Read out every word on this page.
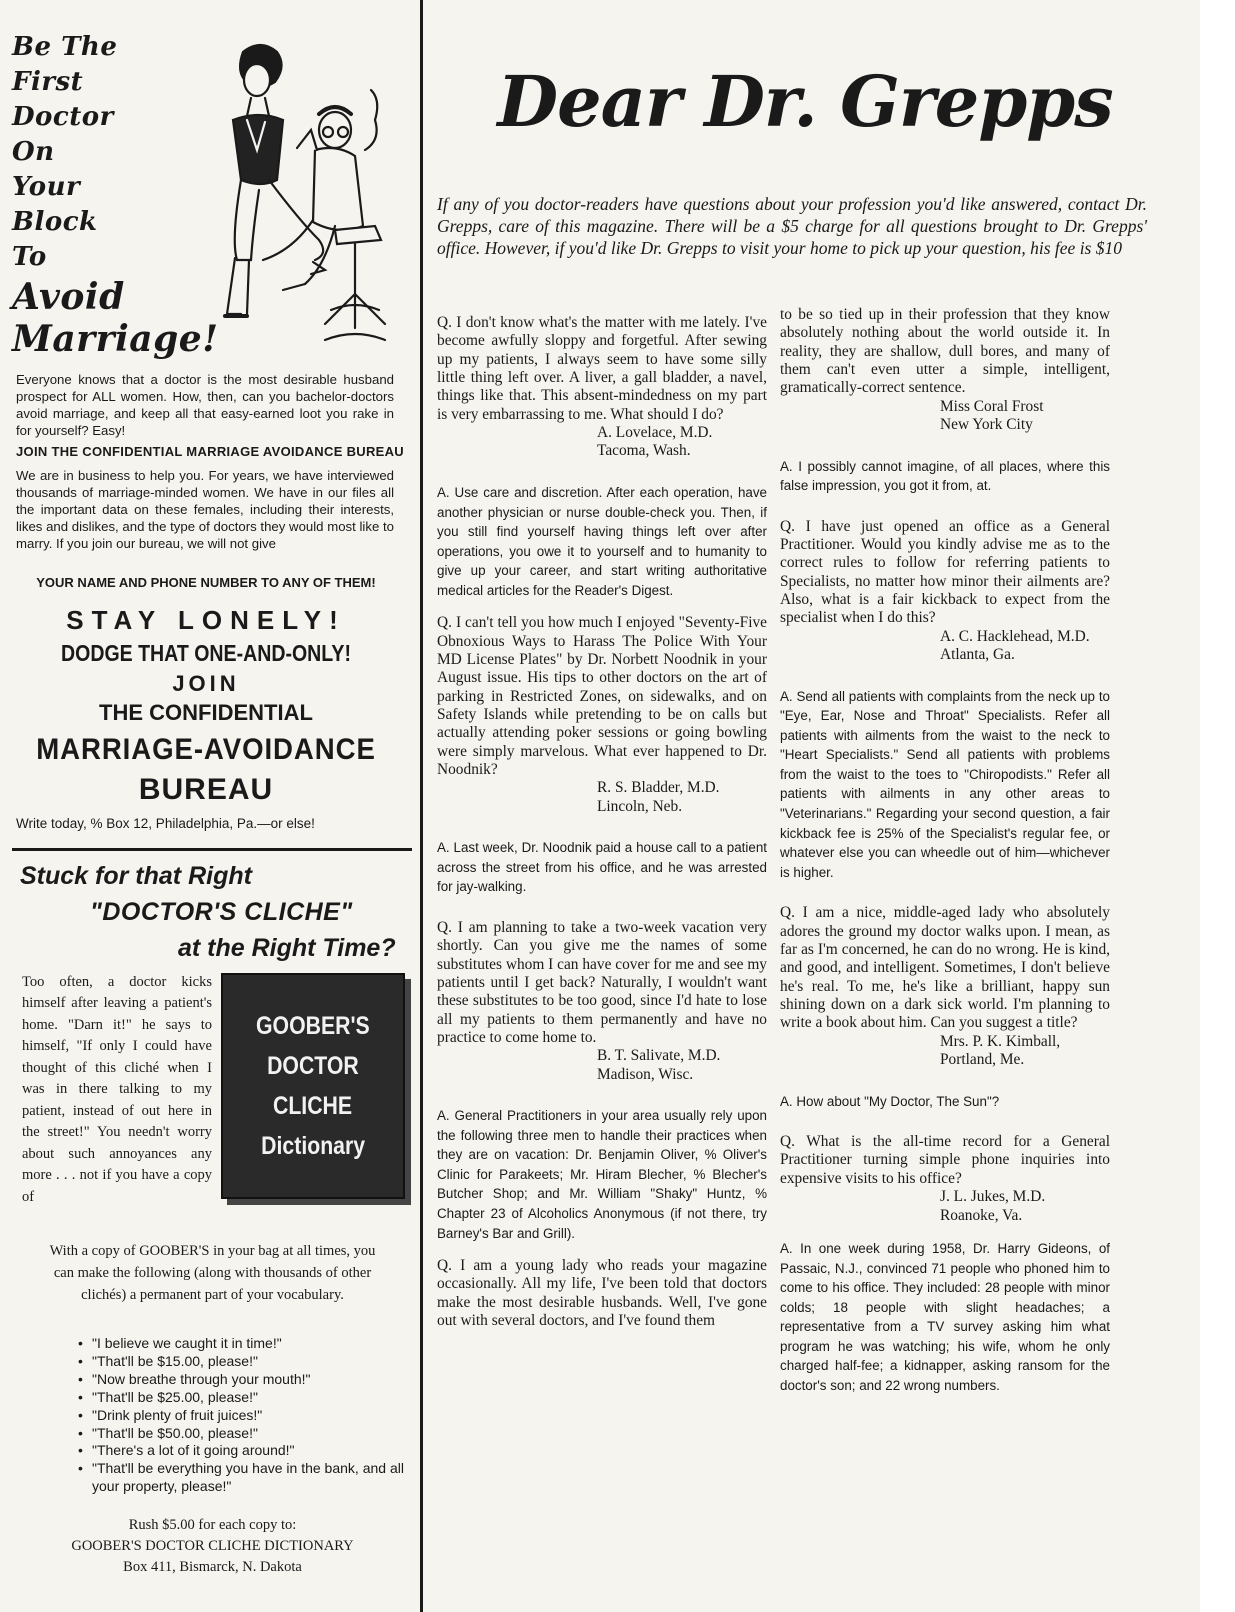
Be The
First
Doctor
On
Your
Block
To
Avoid
Marriage!
Everyone knows that a doctor is the most desirable husband prospect for ALL women. How, then, can you bachelor-doctors avoid marriage, and keep all that easy-earned loot you rake in for yourself? Easy!
JOIN THE CONFIDENTIAL MARRIAGE AVOIDANCE BUREAU
We are in business to help you. For years, we have interviewed thousands of marriage-minded women. We have in our files all the important data on these females, including their interests, likes and dislikes, and the type of doctors they would most like to marry. If you join our bureau, we will not give
YOUR NAME AND PHONE NUMBER TO ANY OF THEM!
STAY LONELY!
DODGE THAT ONE-AND-ONLY!
JOIN
THE CONFIDENTIAL
MARRIAGE-AVOIDANCE
BUREAU
Write today, % Box 12, Philadelphia, Pa.—or else!
Stuck for that Right
"DOCTOR'S CLICHE"
at the Right Time?
Too often, a doctor kicks himself after leaving a patient's home. "Darn it!" he says to himself, "If only I could have thought of this cliché when I was in there talking to my patient, instead of out here in the street!" You needn't worry about such annoyances any more . . . not if you have a copy of
GOOBER'S
DOCTOR
CLICHE
Dictionary
With a copy of GOOBER'S in your bag at all times, you can make the following (along with thousands of other clichés) a permanent part of your vocabulary.
• "I believe we caught it in time!"
• "That'll be $15.00, please!"
• "Now breathe through your mouth!"
• "That'll be $25.00, please!"
• "Drink plenty of fruit juices!"
• "That'll be $50.00, please!"
• "There's a lot of it going around!"
• "That'll be everything you have in the bank, and all your property, please!"
Rush $5.00 for each copy to:
GOOBER'S DOCTOR CLICHE DICTIONARY
Box 411, Bismarck, N. Dakota
Dear Dr. Grepps
If any of you doctor-readers have questions about your profession you'd like answered, contact Dr. Grepps, care of this magazine. There will be a $5 charge for all questions brought to Dr. Grepps' office. However, if you'd like Dr. Grepps to visit your home to pick up your question, his fee is $10

Q. I don't know what's the matter with me lately. I've become awfully sloppy and forgetful. After sewing up my patients, I always seem to have some silly little thing left over. A liver, a gall bladder, a navel, things like that. This absent-mindedness on my part is very embarrassing to me. What should I do?

A. Lovelace, M.D.
Tacoma, Wash.

A. Use care and discretion. After each operation, have another physician or nurse double-check you. Then, if you still find yourself having things left over after operations, you owe it to yourself and to humanity to give up your career, and start writing authoritative medical articles for the Reader's Digest.

Q. I can't tell you how much I enjoyed "Seventy-Five Obnoxious Ways to Harass The Police With Your MD License Plates" by Dr. Norbett Noodnik in your August issue. His tips to other doctors on the art of parking in Restricted Zones, on sidewalks, and on Safety Islands while pretending to be on calls but actually attending poker sessions or going bowling were simply marvelous. What ever happened to Dr. Noodnik?

R. S. Bladder, M.D.
Lincoln, Neb.

A. Last week, Dr. Noodnik paid a house call to a patient across the street from his office, and he was arrested for jay-walking.

Q. I am planning to take a two-week vacation very shortly. Can you give me the names of some substitutes whom I can have cover for me and see my patients until I get back? Naturally, I wouldn't want these substitutes to be too good, since I'd hate to lose all my patients to them permanently and have no practice to come home to.

B. T. Salivate, M.D.
Madison, Wisc.

A. General Practitioners in your area usually rely upon the following three men to handle their practices when they are on vacation: Dr. Benjamin Oliver, % Oliver's Clinic for Parakeets; Mr. Hiram Blecher, % Blecher's Butcher Shop; and Mr. William "Shaky" Huntz, % Chapter 23 of Alcoholics Anonymous (if not there, try Barney's Bar and Grill).

Q. I am a young lady who reads your magazine occasionally. All my life, I've been told that doctors make the most desirable husbands. Well, I've gone out with several doctors, and I've found them

to be so tied up in their profession that they know absolutely nothing about the world outside it. In reality, they are shallow, dull bores, and many of them can't even utter a simple, intelligent, gramatically-correct sentence.

Miss Coral Frost
New York City

A. I possibly cannot imagine, of all places, where this false impression, you got it from, at.

Q. I have just opened an office as a General Practitioner. Would you kindly advise me as to the correct rules to follow for referring patients to Specialists, no matter how minor their ailments are? Also, what is a fair kickback to expect from the specialist when I do this?

A. C. Hacklehead, M.D.
Atlanta, Ga.

A. Send all patients with complaints from the neck up to "Eye, Ear, Nose and Throat" Specialists. Refer all patients with ailments from the waist to the neck to "Heart Specialists." Send all patients with problems from the waist to the toes to "Chiropodists." Refer all patients with ailments in any other areas to "Veterinarians." Regarding your second question, a fair kickback fee is 25% of the Specialist's regular fee, or whatever else you can wheedle out of him—whichever is higher.

Q. I am a nice, middle-aged lady who absolutely adores the ground my doctor walks upon. I mean, as far as I'm concerned, he can do no wrong. He is kind, and good, and intelligent. Sometimes, I don't believe he's real. To me, he's like a brilliant, happy sun shining down on a dark sick world. I'm planning to write a book about him. Can you suggest a title?

Mrs. P. K. Kimball,
Portland, Me.

A. How about "My Doctor, The Sun"?

Q. What is the all-time record for a General Practitioner turning simple phone inquiries into expensive visits to his office?

J. L. Jukes, M.D.
Roanoke, Va.

A. In one week during 1958, Dr. Harry Gideons, of Passaic, N.J., convinced 71 people who phoned him to come to his office. They included: 28 people with minor colds; 18 people with slight headaches; a representative from a TV survey asking him what program he was watching; his wife, whom he only charged half-fee; a kidnapper, asking ransom for the doctor's son; and 22 wrong numbers.
